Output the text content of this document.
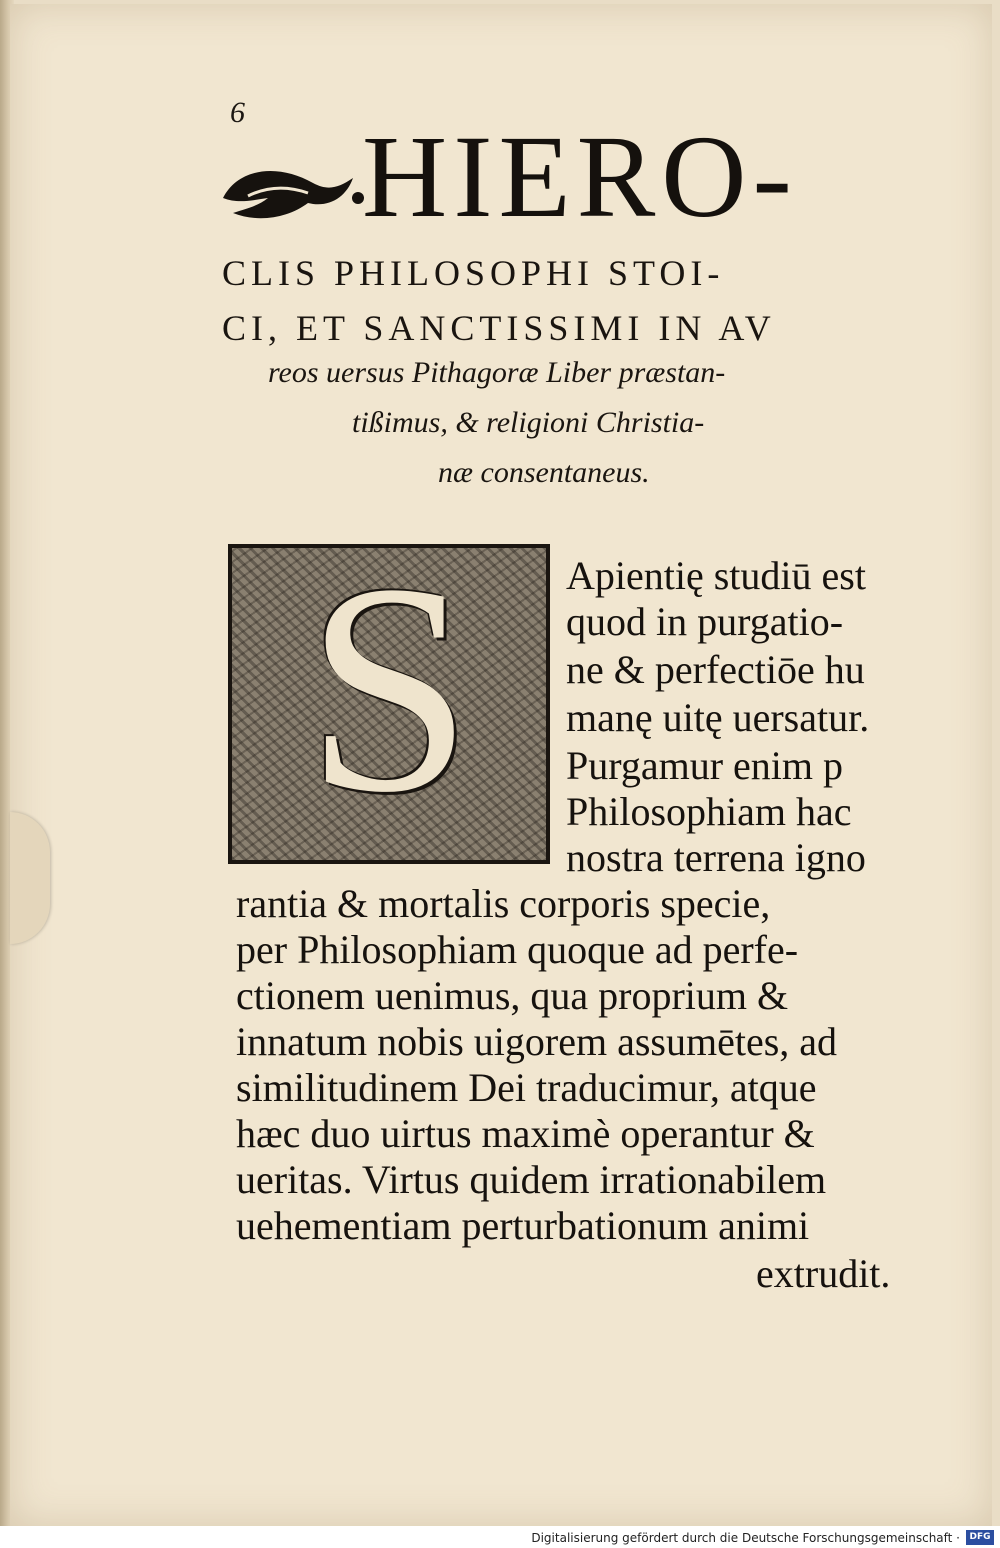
6 HIERO-
CLIS PHILOSOPHI STOI-
CI, ET SANCTISSIMI IN AV
reos uersus Pithagoræ Liber præstan-
tißimus, & religioni Christia-
næ consentaneus.
S	Apientię studiū est
quod in purgatio-
ne & perfectiōe hu
manę uitę uersatur.
Purgamur enim p
Philosophiam hac
nostra terrena igno
rantia & mortalis corporis specie,
per Philosophiam quoque ad perfe-
ctionem uenimus, qua proprium &
innatum nobis uigorem assumētes, ad
similitudinem Dei traducimur, atque
hæc duo uirtus maximè operantur &
ueritas. Virtus quidem irrationabilem
uehementiam perturbationum animi
extrudit.
Digitalisierung gefördert durch die Deutsche Forschungsgemeinschaft ·	DFG
